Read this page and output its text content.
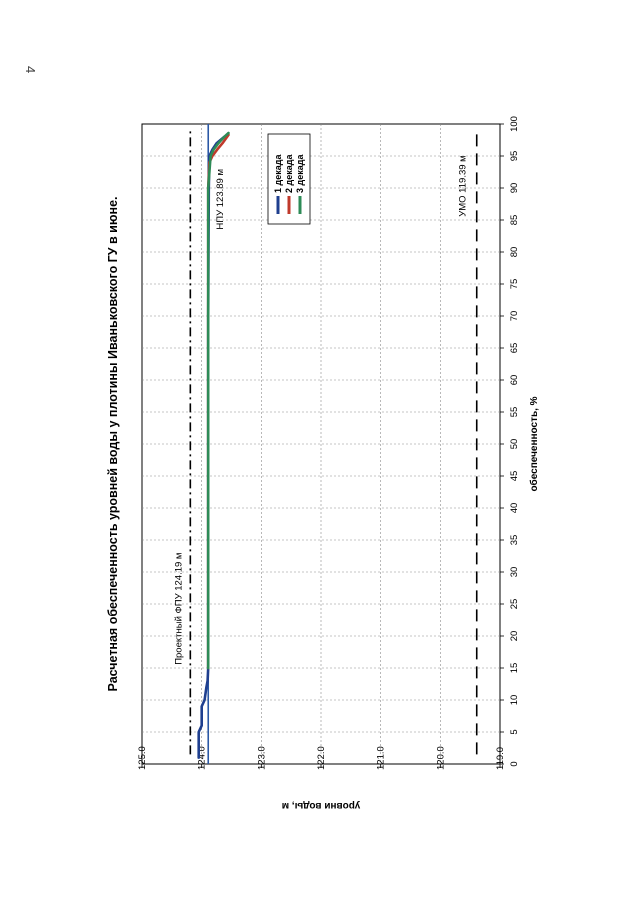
4
Расчетная обеспеченность уровней воды у плотины Иваньковского ГУ в июне.
0
5
10
15
20
25
30
35
40
45
50
55
60
65
70
75
80
85
90
95
100
119.0
120.0
121.0
122.0
123.0
124.0
125.0
Проектный ФПУ 124.19 м
НПУ 123.89 м	УМО 119.39 м
1 декада 2 декада 3 декада
обеспеченность, %
уровни воды, м
